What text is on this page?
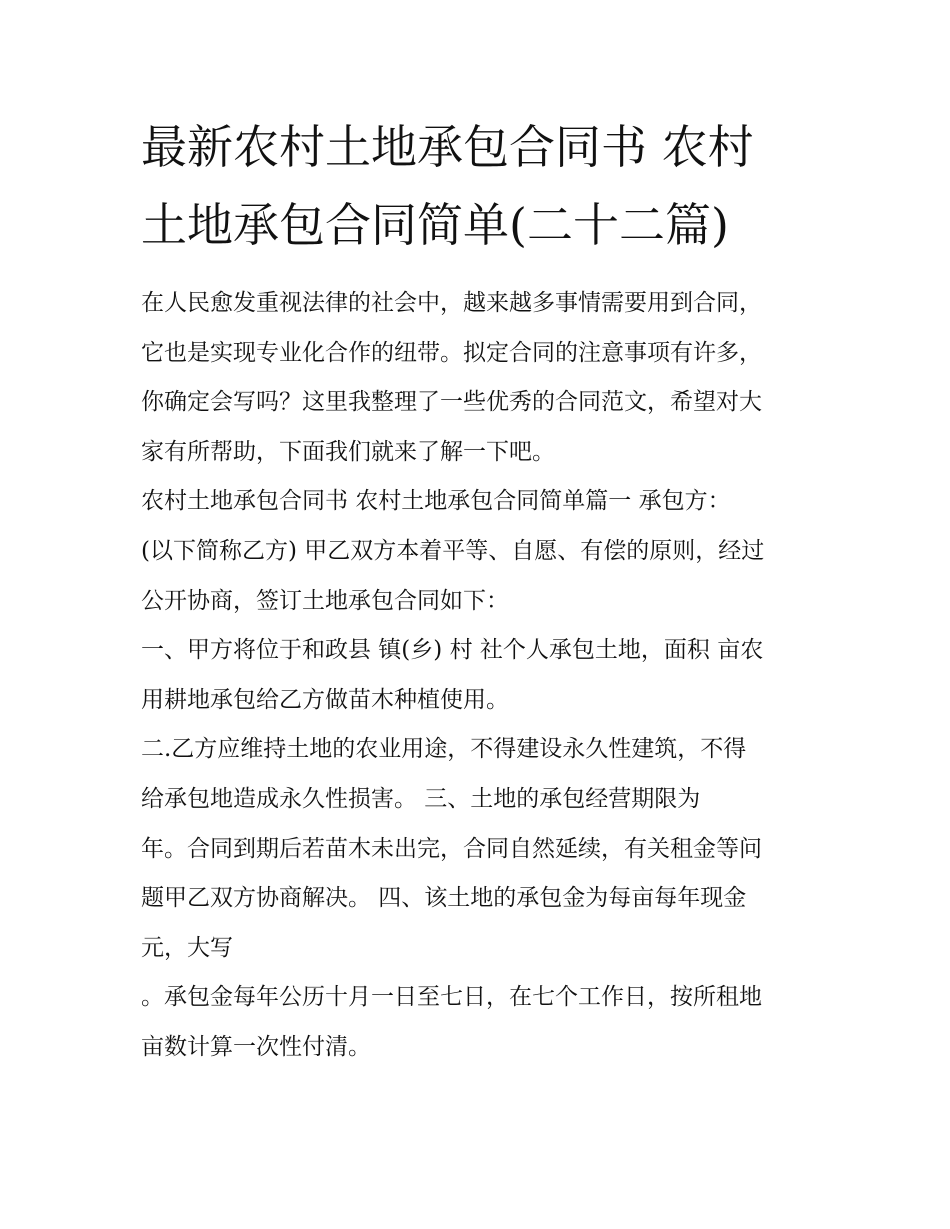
最新农村土地承包合同书 农村
土地承包合同简单(二十二篇)
在人民愈发重视法律的社会中，越来越多事情需要用到合同，
它也是实现专业化合作的纽带。拟定合同的注意事项有许多，
你确定会写吗？这里我整理了一些优秀的合同范文，希望对大
家有所帮助，下面我们就来了解一下吧。
农村土地承包合同书 农村土地承包合同简单篇一 承包方：
(以下简称乙方) 甲乙双方本着平等、自愿、有偿的原则，经过
公开协商，签订土地承包合同如下：
一、甲方将位于和政县 镇(乡) 村 社个人承包土地，面积 亩农
用耕地承包给乙方做苗木种植使用。
二.乙方应维持土地的农业用途，不得建设永久性建筑，不得
给承包地造成永久性损害。 三、土地的承包经营期限为
年。合同到期后若苗木未出完，合同自然延续，有关租金等问
题甲乙双方协商解决。 四、该土地的承包金为每亩每年现金
元，大写
。承包金每年公历十月一日至七日，在七个工作日，按所租地
亩数计算一次性付清。
